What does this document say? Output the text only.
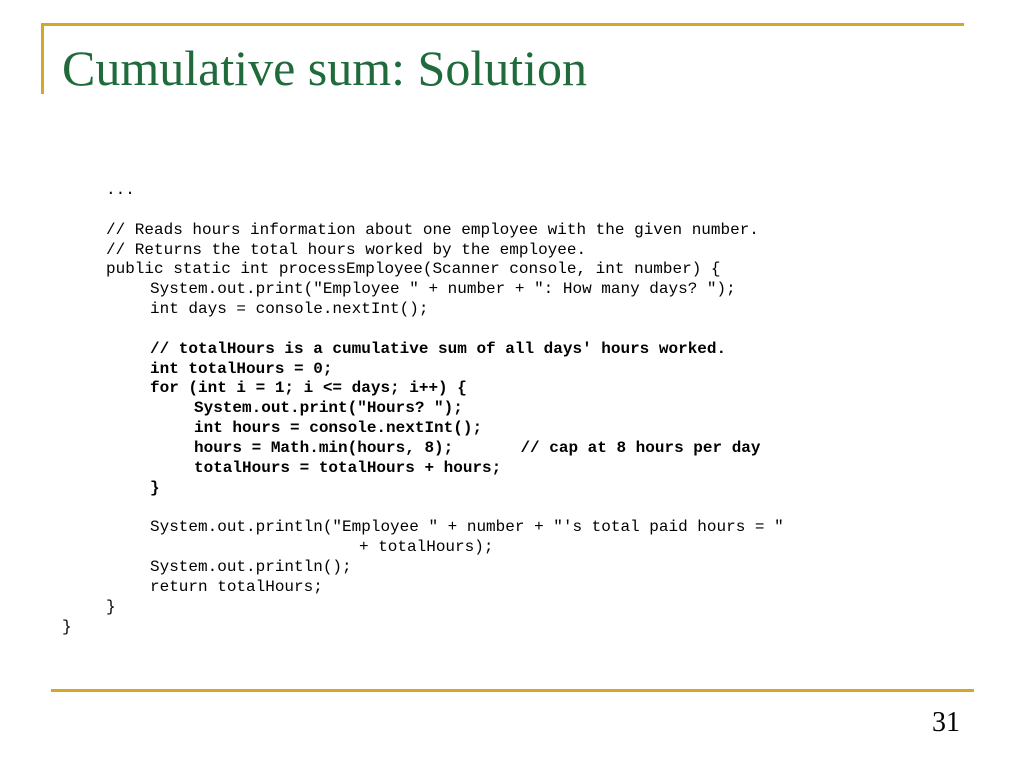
Cumulative sum: Solution
...
// Reads hours information about one employee with the given number.
// Returns the total hours worked by the employee.
public static int processEmployee(Scanner console, int number) {
System.out.print("Employee " + number + ": How many days? ");
int days = console.nextInt();
// totalHours is a cumulative sum of all days' hours worked.
int totalHours = 0;
for (int i = 1; i <= days; i++) {
System.out.print("Hours? ");
int hours = console.nextInt();
hours = Math.min(hours, 8);       // cap at 8 hours per day
totalHours = totalHours + hours;
}
System.out.println("Employee " + number + "'s total paid hours = "
+ totalHours);
System.out.println();
return totalHours;
}
}
31
